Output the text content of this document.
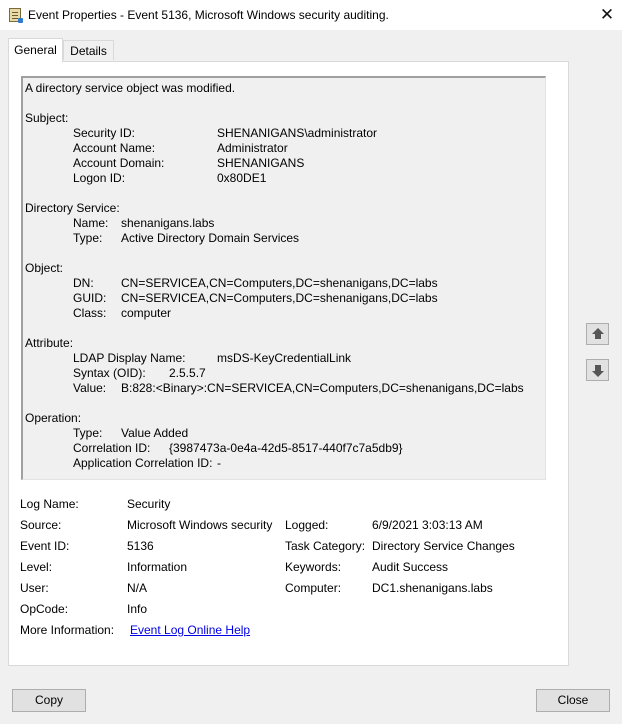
Event Properties - Event 5136, Microsoft Windows security auditing.	✕
General	Details
A directory service object was modified.
Subject:
Security ID:	SHENANIGANS\administrator
Account Name:	Administrator
Account Domain:	SHENANIGANS
Logon ID:	0x80DE1
Directory Service:
Name: shenanigans.labs
Type: Active Directory Domain Services
Object:
DN: CN=SERVICEA,CN=Computers,DC=shenanigans,DC=labs
GUID: CN=SERVICEA,CN=Computers,DC=shenanigans,DC=labs
Class: computer
Attribute:
LDAP Display Name:	msDS-KeyCredentialLink
Syntax (OID): 2.5.5.7
Value: B:828:<Binary>:CN=SERVICEA,CN=Computers,DC=shenanigans,DC=labs
Operation:
Type: Value Added
Correlation ID: {3987473a-0e4a-42d5-8517-440f7c7a5db9}
Application Correlation ID: -
Log Name:	Security
Source:	Microsoft Windows security Logged:	6/9/2021 3:03:13 AM
Event ID:	5136	Task Category: Directory Service Changes
Level:	Information	Keywords:	Audit Success
User:	N/A	Computer:	DC1.shenanigans.labs
OpCode:	Info
More Information: Event Log Online Help
Copy	Close
